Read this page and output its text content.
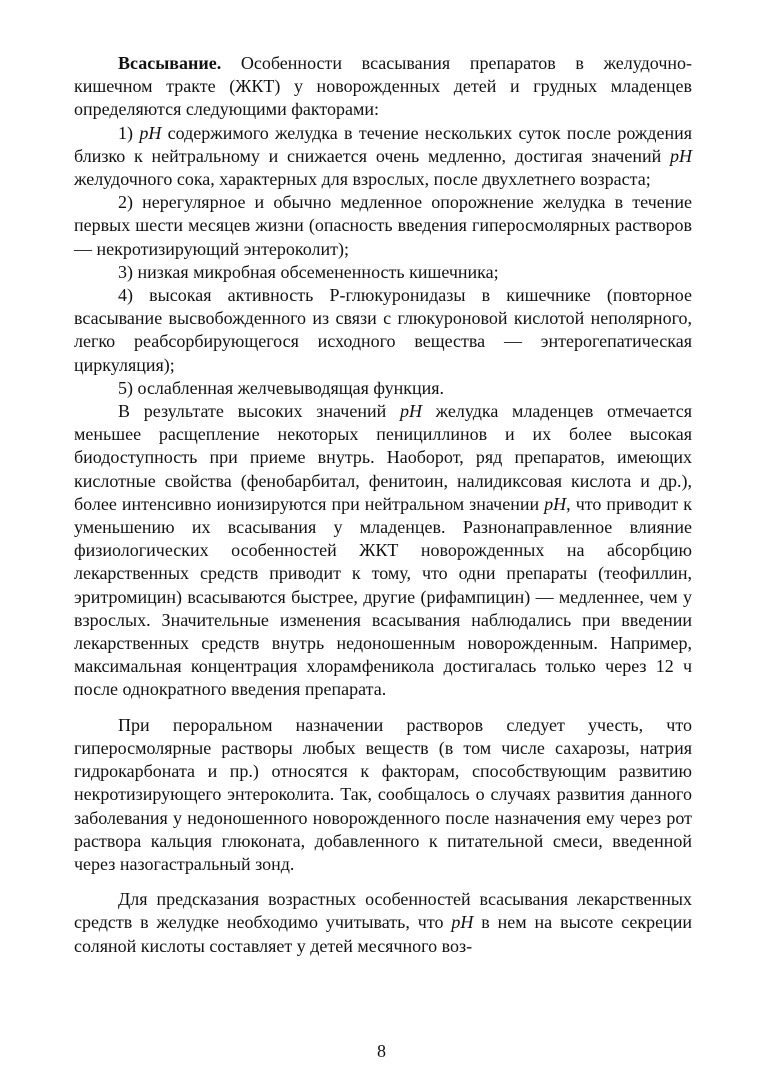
Всасывание. Особенности всасывания препаратов в желудочно-кишечном тракте (ЖКТ) у новорожденных детей и грудных младенцев определяются следующими факторами:

1) pH содержимого желудка в течение нескольких суток после рождения близко к нейтральному и снижается очень медленно, достигая значений pH желудочного сока, характерных для взрослых, после двухлетнего возраста;

2) нерегулярное и обычно медленное опорожнение желудка в течение первых шести месяцев жизни (опасность введения гиперосмолярных растворов — некротизирующий энтероколит);

3) низкая микробная обсемененность кишечника;

4) высокая активность Р-глюкуронидазы в кишечнике (повторное всасывание высвобожденного из связи с глюкуроновой кислотой неполярного, легко реабсорбирующегося исходного вещества — энтерогепатическая циркуляция);

5) ослабленная желчевыводящая функция.

В результате высоких значений pH желудка младенцев отмечается меньшее расщепление некоторых пенициллинов и их более высокая биодоступность при приеме внутрь. Наоборот, ряд препаратов, имеющих кислотные свойства (фенобарбитал, фенитоин, налидиксовая кислота и др.), более интенсивно ионизируются при нейтральном значении pH, что приводит к уменьшению их всасывания у младенцев. Разнонаправленное влияние физиологических особенностей ЖКТ новорожденных на абсорбцию лекарственных средств приводит к тому, что одни препараты (теофиллин, эритромицин) всасываются быстрее, другие (рифампицин) — медленнее, чем у взрослых. Значительные изменения всасывания наблюдались при введении лекарственных средств внутрь недоношенным новорожденным. Например, максимальная концентрация хлорамфеникола достигалась только через 12 ч после однократного введения препарата.

При пероральном назначении растворов следует учесть, что гиперосмолярные растворы любых веществ (в том числе сахарозы, натрия гидрокарбоната и пр.) относятся к факторам, способствующим развитию некротизирующего энтероколита. Так, сообщалось о случаях развития данного заболевания у недоношенного новорожденного после назначения ему через рот раствора кальция глюконата, добавленного к питательной смеси, введенной через назогастральный зонд.

Для предсказания возрастных особенностей всасывания лекарственных средств в желудке необходимо учитывать, что pH в нем на высоте секреции соляной кислоты составляет у детей месячного воз-

8
